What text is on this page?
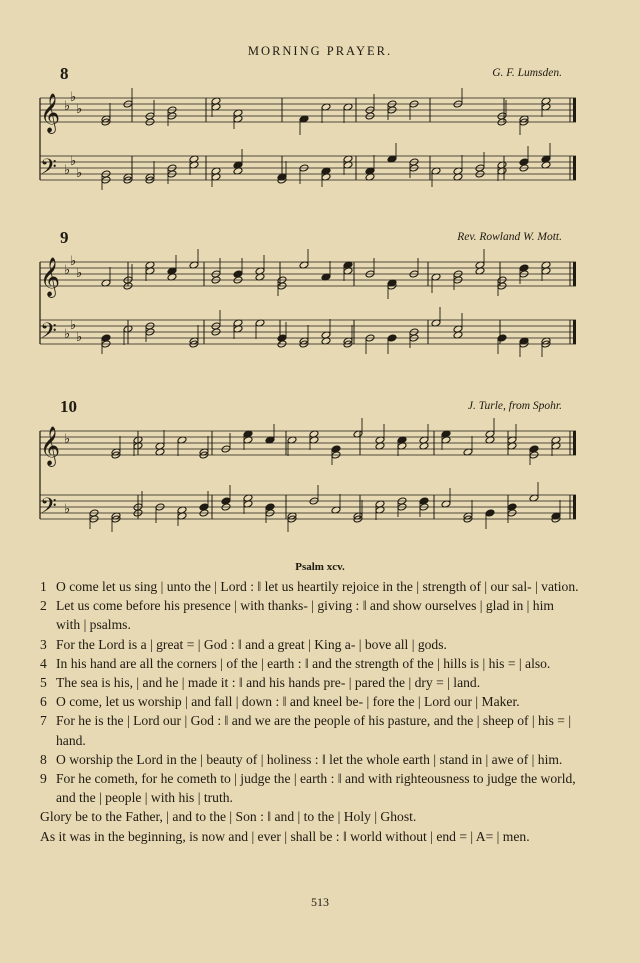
MORNING PRAYER.
8	G. F. Lumsden.
𝄞 ♭
♭
♭
𝄢 ♭
♭
♭
9	Rev. Rowland W. Mott.
𝄞 ♭
♭
♭
𝄢 ♭
♭
♭
10	J. Turle, from Spohr.
𝄞 ♭
𝄢 ♭
Psalm xcv.
1 O come let us sing | unto the | Lord : ‖ let us heartily rejoice in the | strength of | our sal- | vation.
2 Let us come before his presence | with thanks- | giving : ‖ and show ourselves | glad in | him with | psalms.
3 For the Lord is a | great = | God : ‖ and a great | King a- | bove all | gods.
4 In his hand are all the corners | of the | earth : ‖ and the strength of the | hills is | his = | also.
5 The sea is his, | and he | made it : ‖ and his hands pre- | pared the | dry = | land.
6 O come, let us worship | and fall | down : ‖ and kneel be- | fore the | Lord our | Maker.
7 For he is the | Lord our | God : ‖ and we are the people of his pasture, and the | sheep of | his = | hand.
8 O worship the Lord in the | beauty of | holiness : ‖ let the whole earth | stand in | awe of | him.
9 For he cometh, for he cometh to | judge the | earth : ‖ and with righteousness to judge the world, and the | people | with his | truth.
Glory be to the Father, | and to the | Son : ‖ and | to the | Holy | Ghost.
As it was in the beginning, is now and | ever | shall be : ‖ world without | end = | A= | men.
513
